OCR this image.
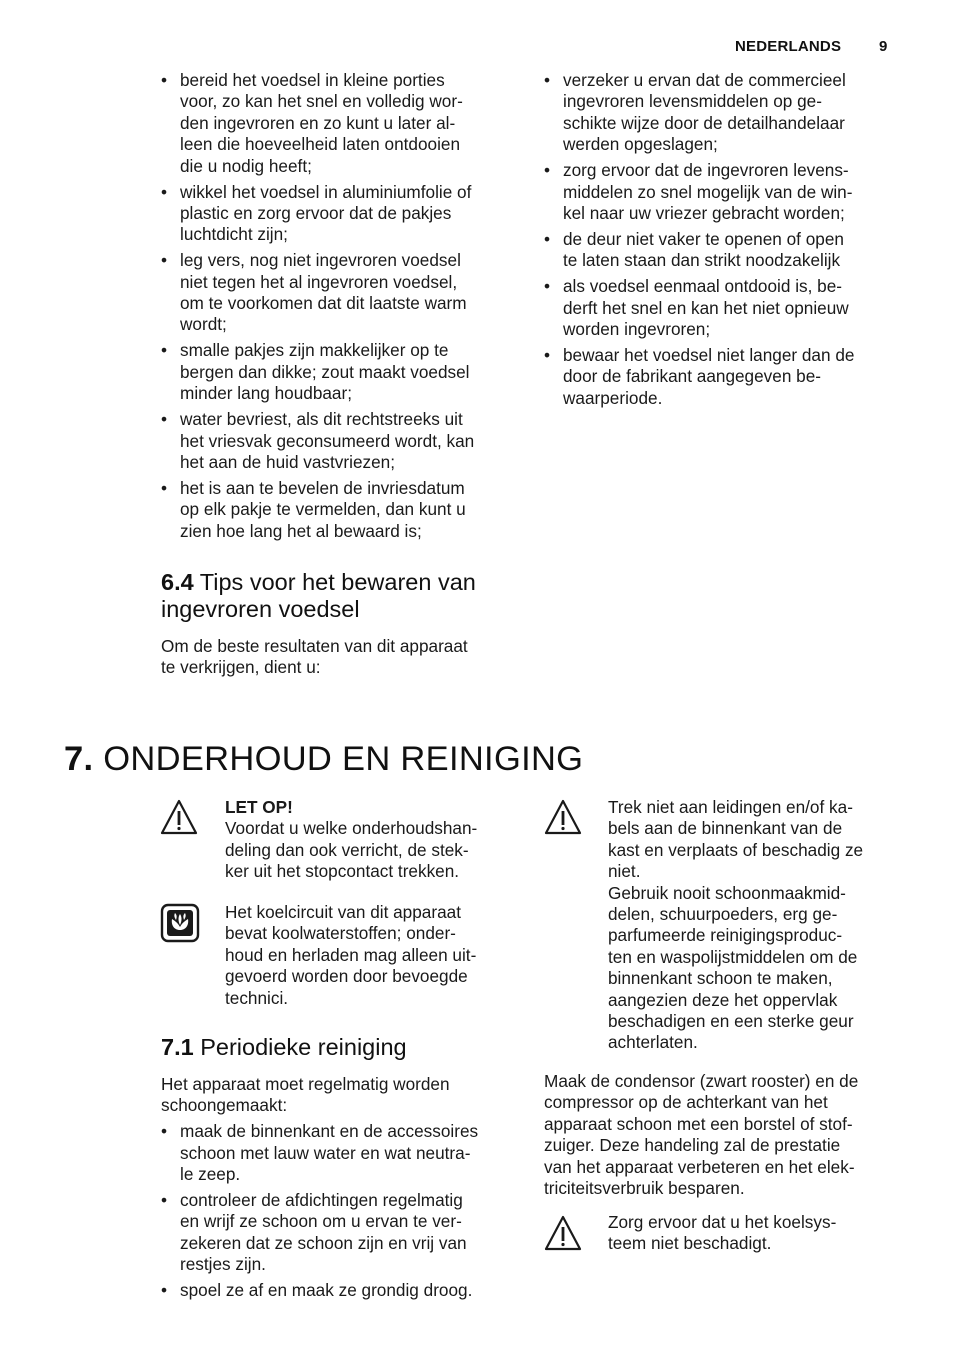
NEDERLANDS	9
• bereid het voedsel in kleine porties
voor, zo kan het snel en volledig wor-
den ingevroren en zo kunt u later al-
leen die hoeveelheid laten ontdooien
die u nodig heeft;
• wikkel het voedsel in aluminiumfolie of
plastic en zorg ervoor dat de pakjes
luchtdicht zijn;
• leg vers, nog niet ingevroren voedsel
niet tegen het al ingevroren voedsel,
om te voorkomen dat dit laatste warm
wordt;
• smalle pakjes zijn makkelijker op te
bergen dan dikke; zout maakt voedsel
minder lang houdbaar;
• water bevriest, als dit rechtstreeks uit
het vriesvak geconsumeerd wordt, kan
het aan de huid vastvriezen;
• het is aan te bevelen de invriesdatum
op elk pakje te vermelden, dan kunt u
zien hoe lang het al bewaard is;
6.4 Tips voor het bewaren van
ingevroren voedsel
Om de beste resultaten van dit apparaat
te verkrijgen, dient u:
• verzeker u ervan dat de commercieel
ingevroren levensmiddelen op ge-
schikte wijze door de detailhandelaar
werden opgeslagen;
• zorg ervoor dat de ingevroren levens-
middelen zo snel mogelijk van de win-
kel naar uw vriezer gebracht worden;
• de deur niet vaker te openen of open
te laten staan dan strikt noodzakelijk
• als voedsel eenmaal ontdooid is, be-
derft het snel en kan het niet opnieuw
worden ingevroren;
• bewaar het voedsel niet langer dan de
door de fabrikant aangegeven be-
waarperiode.
7. ONDERHOUD EN REINIGING
LET OP!
Voordat u welke onderhoudshan-
deling dan ook verricht, de stek-
ker uit het stopcontact trekken.
Het koelcircuit van dit apparaat
bevat koolwaterstoffen; onder-
houd en herladen mag alleen uit-
gevoerd worden door bevoegde
technici.
7.1 Periodieke reiniging
Het apparaat moet regelmatig worden
schoongemaakt:
• maak de binnenkant en de accessoires
schoon met lauw water en wat neutra-
le zeep.
• controleer de afdichtingen regelmatig
en wrijf ze schoon om u ervan te ver-
zekeren dat ze schoon zijn en vrij van
restjes zijn.
• spoel ze af en maak ze grondig droog.
Trek niet aan leidingen en/of ka-
bels aan de binnenkant van de
kast en verplaats of beschadig ze
niet.
Gebruik nooit schoonmaakmid-
delen, schuurpoeders, erg ge-
parfumeerde reinigingsproduc-
ten en waspolijstmiddelen om de
binnenkant schoon te maken,
aangezien deze het oppervlak
beschadigen en een sterke geur
achterlaten.
Maak de condensor (zwart rooster) en de
compressor op de achterkant van het
apparaat schoon met een borstel of stof-
zuiger. Deze handeling zal de prestatie
van het apparaat verbeteren en het elek-
triciteitsverbruik besparen.
Zorg ervoor dat u het koelsys-
teem niet beschadigt.
